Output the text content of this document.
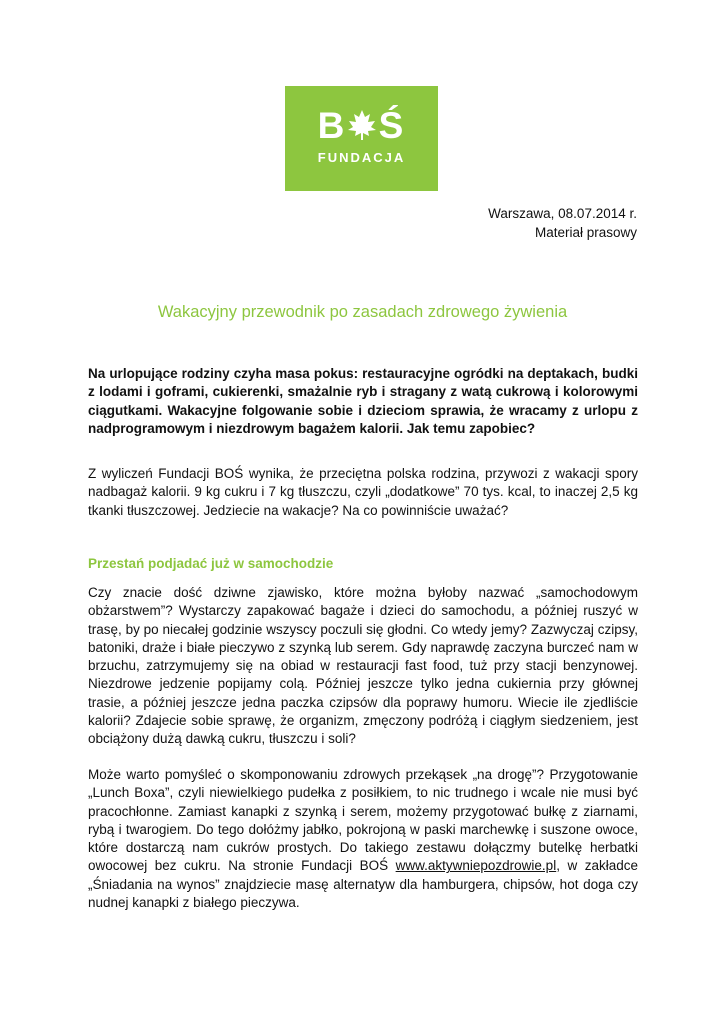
B Ś
FUNDACJA
Warszawa, 08.07.2014 r.
Materiał prasowy
Wakacyjny przewodnik po zasadach zdrowego żywienia

Na urlopujące rodziny czyha masa pokus: restauracyjne ogródki na deptakach, budki z lodami i goframi, cukierenki, smażalnie ryb i stragany z watą cukrową i kolorowymi ciągutkami. Wakacyjne folgowanie sobie i dzieciom sprawia, że wracamy z urlopu z nadprogramowym i niezdrowym bagażem kalorii. Jak temu zapobiec?

Z wyliczeń Fundacji BOŚ wynika, że przeciętna polska rodzina, przywozi z wakacji spory nadbagaż kalorii. 9 kg cukru i 7 kg tłuszczu, czyli „dodatkowe” 70 tys. kcal, to inaczej 2,5 kg tkanki tłuszczowej. Jedziecie na wakacje? Na co powinniście uważać?

Przestań podjadać już w samochodzie

Czy znacie dość dziwne zjawisko, które można byłoby nazwać „samochodowym obżarstwem”? Wystarczy zapakować bagaże i dzieci do samochodu, a później ruszyć w trasę, by po niecałej godzinie wszyscy poczuli się głodni. Co wtedy jemy? Zazwyczaj czipsy, batoniki, draże i białe pieczywo z szynką lub serem. Gdy naprawdę zaczyna burczeć nam w brzuchu, zatrzymujemy się na obiad w restauracji fast food, tuż przy stacji benzynowej. Niezdrowe jedzenie popijamy colą. Później jeszcze tylko jedna cukiernia przy głównej trasie, a później jeszcze jedna paczka czipsów dla poprawy humoru. Wiecie ile zjedliście kalorii? Zdajecie sobie sprawę, że organizm, zmęczony podróżą i ciągłym siedzeniem, jest obciążony dużą dawką cukru, tłuszczu i soli?

Może warto pomyśleć o skomponowaniu zdrowych przekąsek „na drogę”? Przygotowanie „Lunch Boxa”, czyli niewielkiego pudełka z posiłkiem, to nic trudnego i wcale nie musi być pracochłonne. Zamiast kanapki z szynką i serem, możemy przygotować bułkę z ziarnami, rybą i twarogiem. Do tego dołóżmy jabłko, pokrojoną w paski marchewkę i suszone owoce, które dostarczą nam cukrów prostych. Do takiego zestawu dołączmy butelkę herbatki owocowej bez cukru. Na stronie Fundacji BOŚ www.aktywniepozdrowie.pl, w zakładce „Śniadania na wynos” znajdziecie masę alternatyw dla hamburgera, chipsów, hot doga czy nudnej kanapki z białego pieczywa.
